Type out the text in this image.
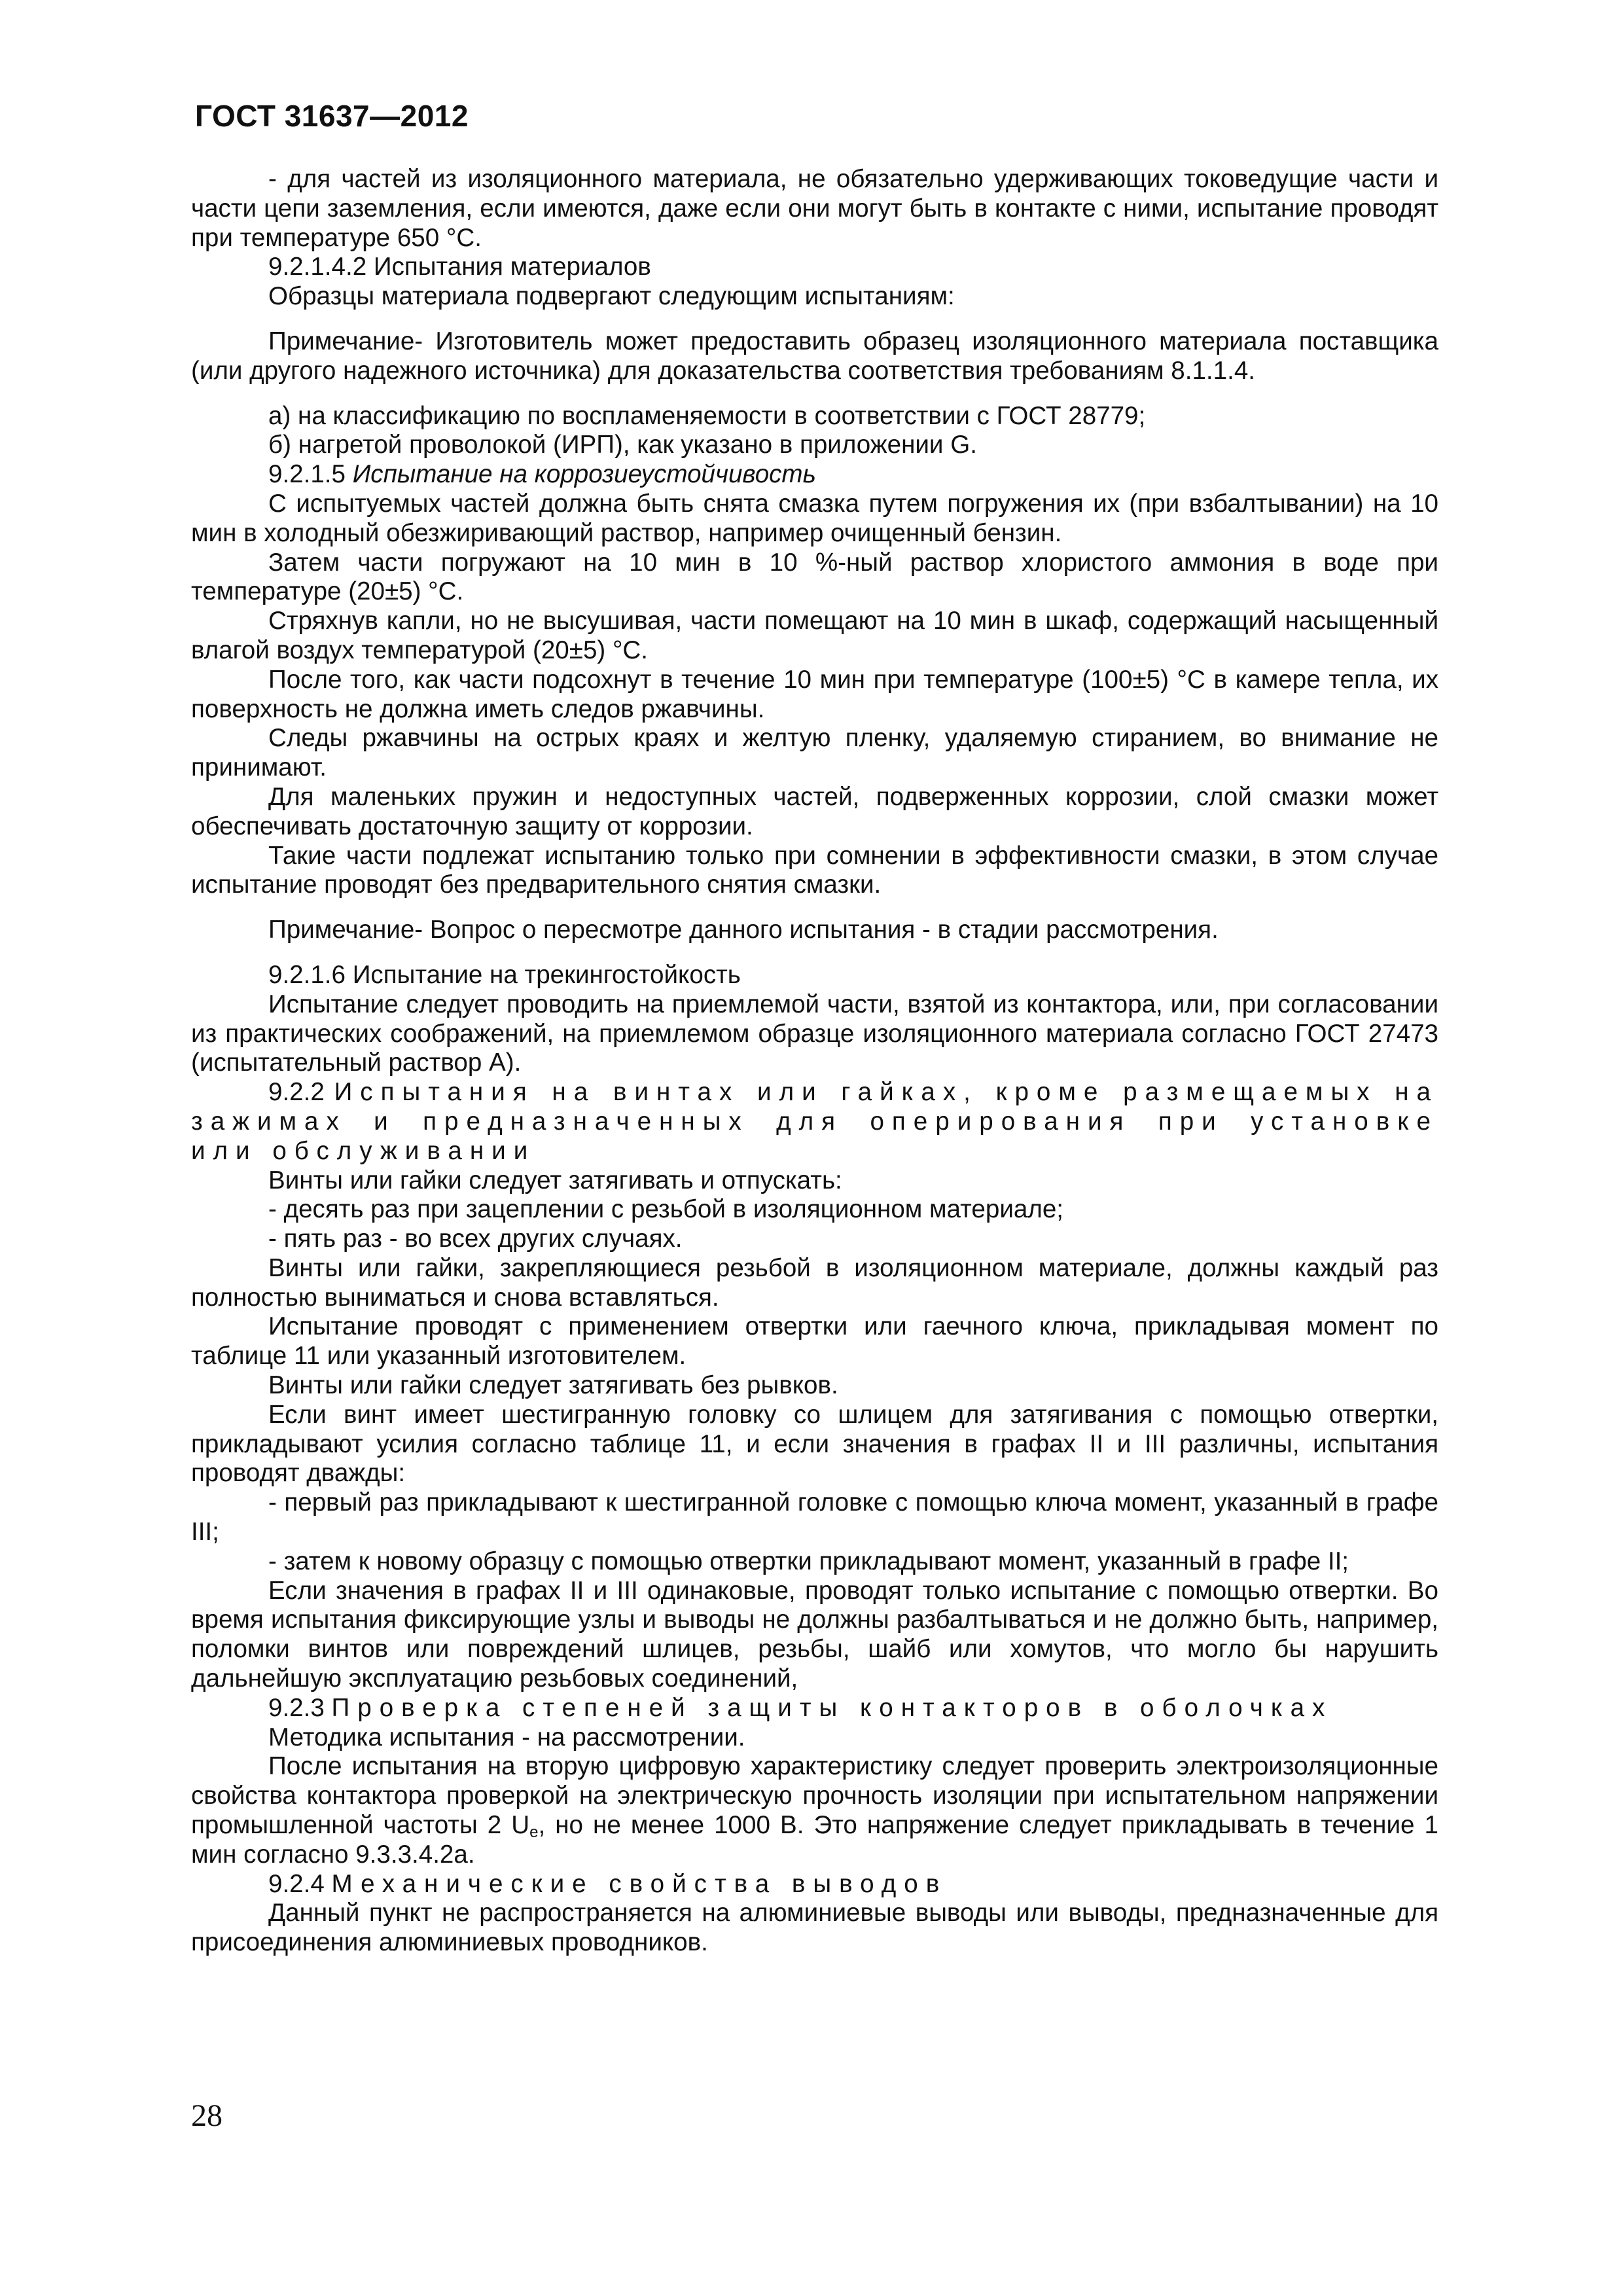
ГОСТ 31637—2012

- для частей из изоляционного материала, не обязательно удерживающих токоведущие части и части цепи заземления, если имеются, даже если они могут быть в контакте с ними, испытание проводят при температуре 650 °С.

9.2.1.4.2 Испытания материалов

Образцы материала подвергают следующим испытаниям:

Примечание- Изготовитель может предоставить образец изоляционного материала поставщика (или другого надежного источника) для доказательства соответствия требованиям 8.1.1.4.

а) на классификацию по воспламеняемости в соответствии с ГОСТ 28779;

б) нагретой проволокой (ИРП), как указано в приложении G.

9.2.1.5 Испытание на коррозиеустойчивость

С испытуемых частей должна быть снята смазка путем погружения их (при взбалтывании) на 10 мин в холодный обезжиривающий раствор, например очищенный бензин.

Затем части погружают на 10 мин в 10 %-ный раствор хлористого аммония в воде при температуре (20±5) °С.

Стряхнув капли, но не высушивая, части помещают на 10 мин в шкаф, содержащий насыщенный влагой воздух температурой (20±5) °С.

После того, как части подсохнут в течение 10 мин при температуре (100±5) °С в камере тепла, их поверхность не должна иметь следов ржавчины.

Следы ржавчины на острых краях и желтую пленку, удаляемую стиранием, во внимание не принимают.

Для маленьких пружин и недоступных частей, подверженных коррозии, слой смазки может обеспечивать достаточную защиту от коррозии.

Такие части подлежат испытанию только при сомнении в эффективности смазки, в этом случае испытание проводят без предварительного снятия смазки.

Примечание- Вопрос о пересмотре данного испытания - в стадии рассмотрения.

9.2.1.6 Испытание на трекингостойкость

Испытание следует проводить на приемлемой части, взятой из контактора, или, при согласовании из практических соображений, на приемлемом образце изоляционного материала согласно ГОСТ 27473 (испытательный раствор А).

9.2.2 Испытания на винтах или гайках, кроме размещаемых на зажимах и предназначенных для оперирования при установке или обслуживании

Винты или гайки следует затягивать и отпускать:

- десять раз при зацеплении с резьбой в изоляционном материале;

- пять раз - во всех других случаях.

Винты или гайки, закрепляющиеся резьбой в изоляционном материале, должны каждый раз полностью выниматься и снова вставляться.

Испытание проводят с применением отвертки или гаечного ключа, прикладывая момент по таблице 11 или указанный изготовителем.

Винты или гайки следует затягивать без рывков.

Если винт имеет шестигранную головку со шлицем для затягивания с помощью отвертки, прикладывают усилия согласно таблице 11, и если значения в графах II и III различны, испытания проводят дважды:

- первый раз прикладывают к шестигранной головке с помощью ключа момент, указанный в графе III;

- затем к новому образцу с помощью отвертки прикладывают момент, указанный в графе II;

Если значения в графах II и III одинаковые, проводят только испытание с помощью отвертки. Во время испытания фиксирующие узлы и выводы не должны разбалтываться и не должно быть, например, поломки винтов или повреждений шлицев, резьбы, шайб или хомутов, что могло бы нарушить дальнейшую эксплуатацию резьбовых соединений,

9.2.3 Проверка степеней защиты контакторов в оболочках

Методика испытания - на рассмотрении.

После испытания на вторую цифровую характеристику следует проверить электроизоляционные свойства контактора проверкой на электрическую прочность изоляции при испытательном напряжении промышленной частоты 2 $U_e$, но не менее 1000 В. Это напряжение следует прикладывать в течение 1 мин согласно 9.3.3.4.2а.

9.2.4 Механические свойства выводов

Данный пункт не распространяется на алюминиевые выводы или выводы, предназначенные для присоединения алюминиевых проводников.

28
